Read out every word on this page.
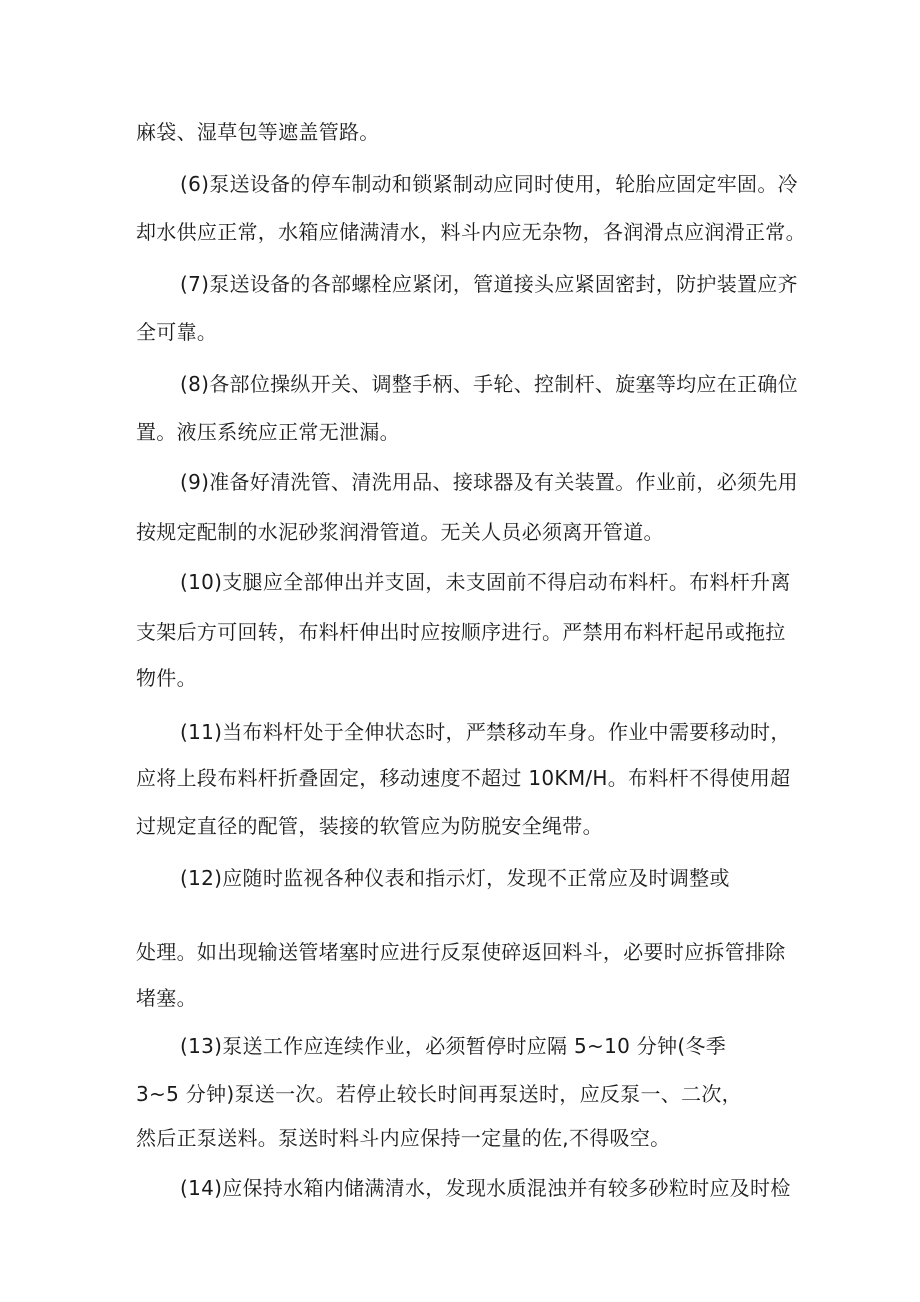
麻袋、湿草包等遮盖管路。
(6)泵送设备的停车制动和锁紧制动应同时使用，轮胎应固定牢固。冷
却水供应正常，水箱应储满清水，料斗内应无杂物，各润滑点应润滑正常。
(7)泵送设备的各部螺栓应紧闭，管道接头应紧固密封，防护装置应齐
全可靠。
(8)各部位操纵开关、调整手柄、手轮、控制杆、旋塞等均应在正确位
置。液压系统应正常无泄漏。
(9)准备好清洗管、清洗用品、接球器及有关装置。作业前，必须先用
按规定配制的水泥砂浆润滑管道。无关人员必须离开管道。
(10)支腿应全部伸出并支固，未支固前不得启动布料杆。布料杆升离
支架后方可回转，布料杆伸出时应按顺序进行。严禁用布料杆起吊或拖拉
物件。
(11)当布料杆处于全伸状态时，严禁移动车身。作业中需要移动时，
应将上段布料杆折叠固定，移动速度不超过 10KM/H。布料杆不得使用超
过规定直径的配管，装接的软管应为防脱安全绳带。
(12)应随时监视各种仪表和指示灯，发现不正常应及时调整或
处理。如出现输送管堵塞时应进行反泵使碎返回料斗，必要时应拆管排除
堵塞。
(13)泵送工作应连续作业，必须暂停时应隔 5~10 分钟(冬季
3~5 分钟)泵送一次。若停止较长时间再泵送时，应反泵一、二次，
然后正泵送料。泵送时料斗内应保持一定量的佐,不得吸空。
(14)应保持水箱内储满清水，发现水质混浊并有较多砂粒时应及时检
